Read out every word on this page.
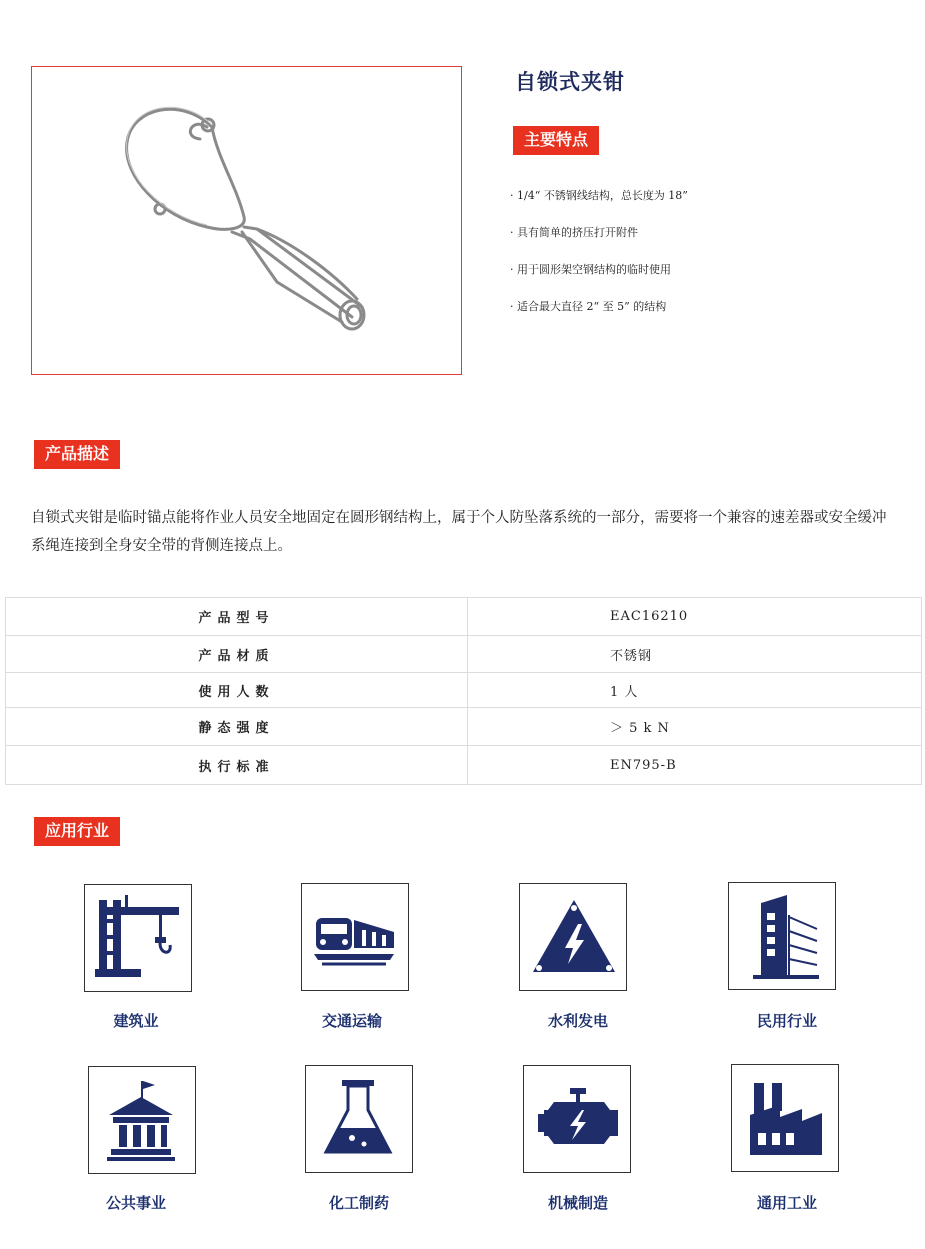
自锁式夹钳
主要特点
· 1/4“ 不锈钢线结构，总长度为 18”
· 具有简单的挤压打开附件
· 用于圆形架空钢结构的临时使用
· 适合最大直径 2“ 至 5” 的结构
产品描述
自锁式夹钳是临时锚点能将作业人员安全地固定在圆形钢结构上，属于个人防坠落系统的一部分，需要将一个兼容的速差器或安全缓冲系绳连接到全身安全带的背侧连接点上。
产品型号	EAC16210
产品材质	不锈钢
使用人数	1 人
静态强度	＞ 5 k N
执行标准	EN795-B
应用行业
建筑业	交通运输	水利发电	民用行业
公共事业	化工制药	机械制造	通用工业
